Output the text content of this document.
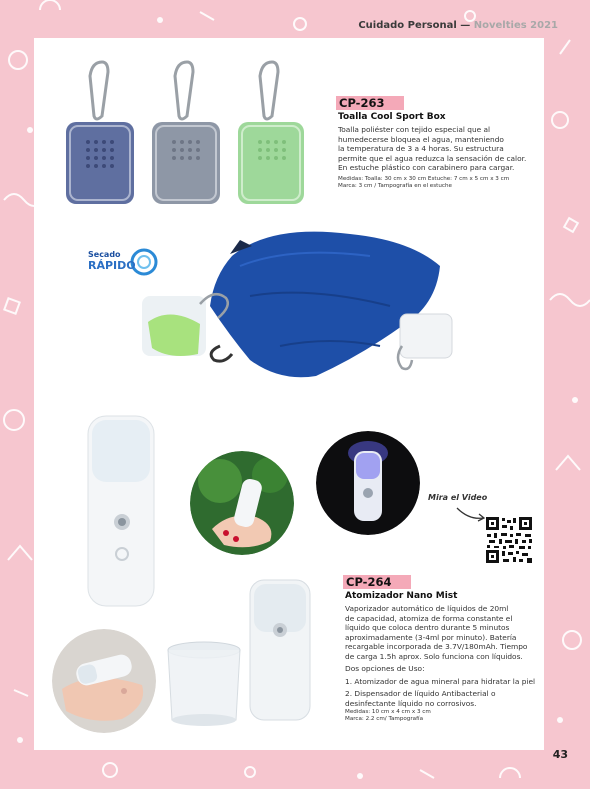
Cuidado Personal — Novelties 2021
CP-263
Toalla Cool Sport Box
Toalla poliéster con tejido especial que al
humedecerse bloquea el agua, manteniendo
la temperatura de 3 a 4 horas. Su estructura
permite que el agua reduzca la sensación de calor.
En estuche plástico con carabinero para cargar.
Medidas: Toalla: 30 cm x 30 cm Estuche: 7 cm x 5 cm x 3 cm
Marca: 3 cm / Tampografía en el estuche
Secado
RÁPIDO
Mira el Video
CP-264
Atomizador Nano Mist
Vaporizador automático de líquidos de 20ml
de capacidad, atomiza de forma constante el
líquido que coloca dentro durante 5 minutos
aproximadamente (3-4ml por minuto). Batería
recargable incorporada de 3.7V/180mAh. Tiempo
de carga 1.5h aprox. Solo funciona con líquidos.
Dos opciones de Uso:
1. Atomizador de agua mineral para hidratar la piel
2. Dispensador de líquido Antibacterial o
desinfectante líquido no corrosivos.
Medidas: 10 cm x 4 cm x 3 cm
Marca: 2.2 cm/ Tampografía
43
